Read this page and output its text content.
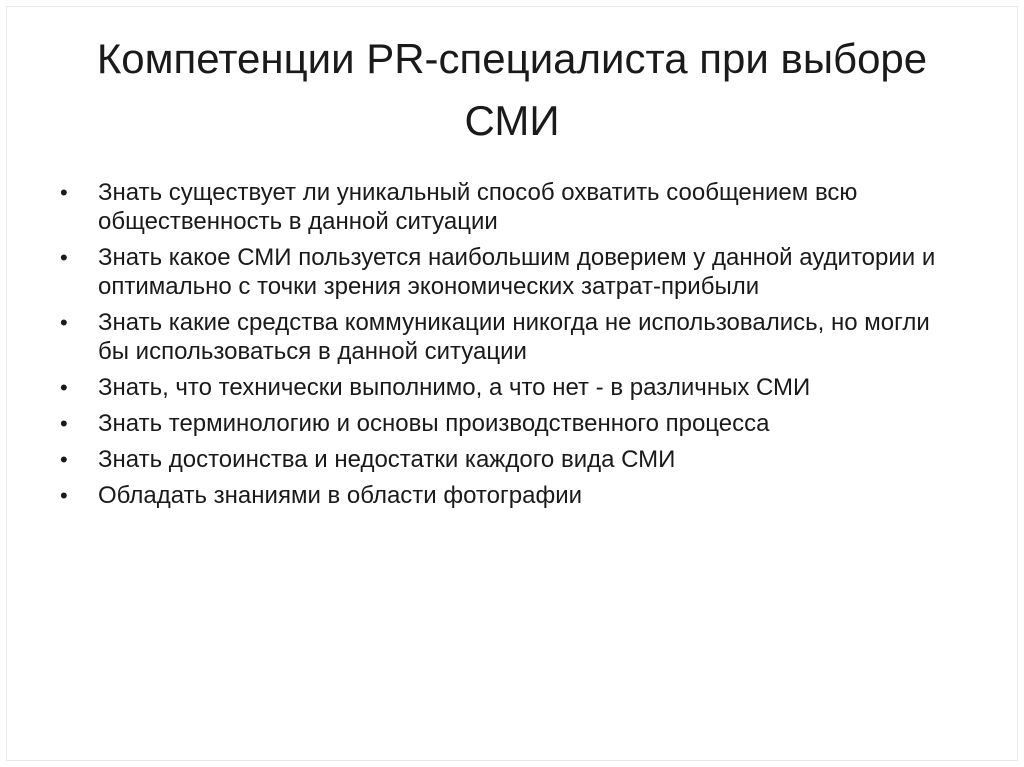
Компетенции PR-специалиста при выборе СМИ
•	Знать существует ли уникальный способ охватить сообщением всю общественность в данной ситуации
•	Знать какое СМИ пользуется наибольшим доверием у данной аудитории и оптимально с точки зрения экономических затрат-прибыли
•	Знать какие средства коммуникации никогда не использовались, но могли бы использоваться в данной ситуации
•	Знать, что технически выполнимо, а что нет - в различных СМИ
•	Знать терминологию и основы производственного процесса
•	Знать достоинства и недостатки каждого вида СМИ
•	Обладать знаниями в области фотографии
